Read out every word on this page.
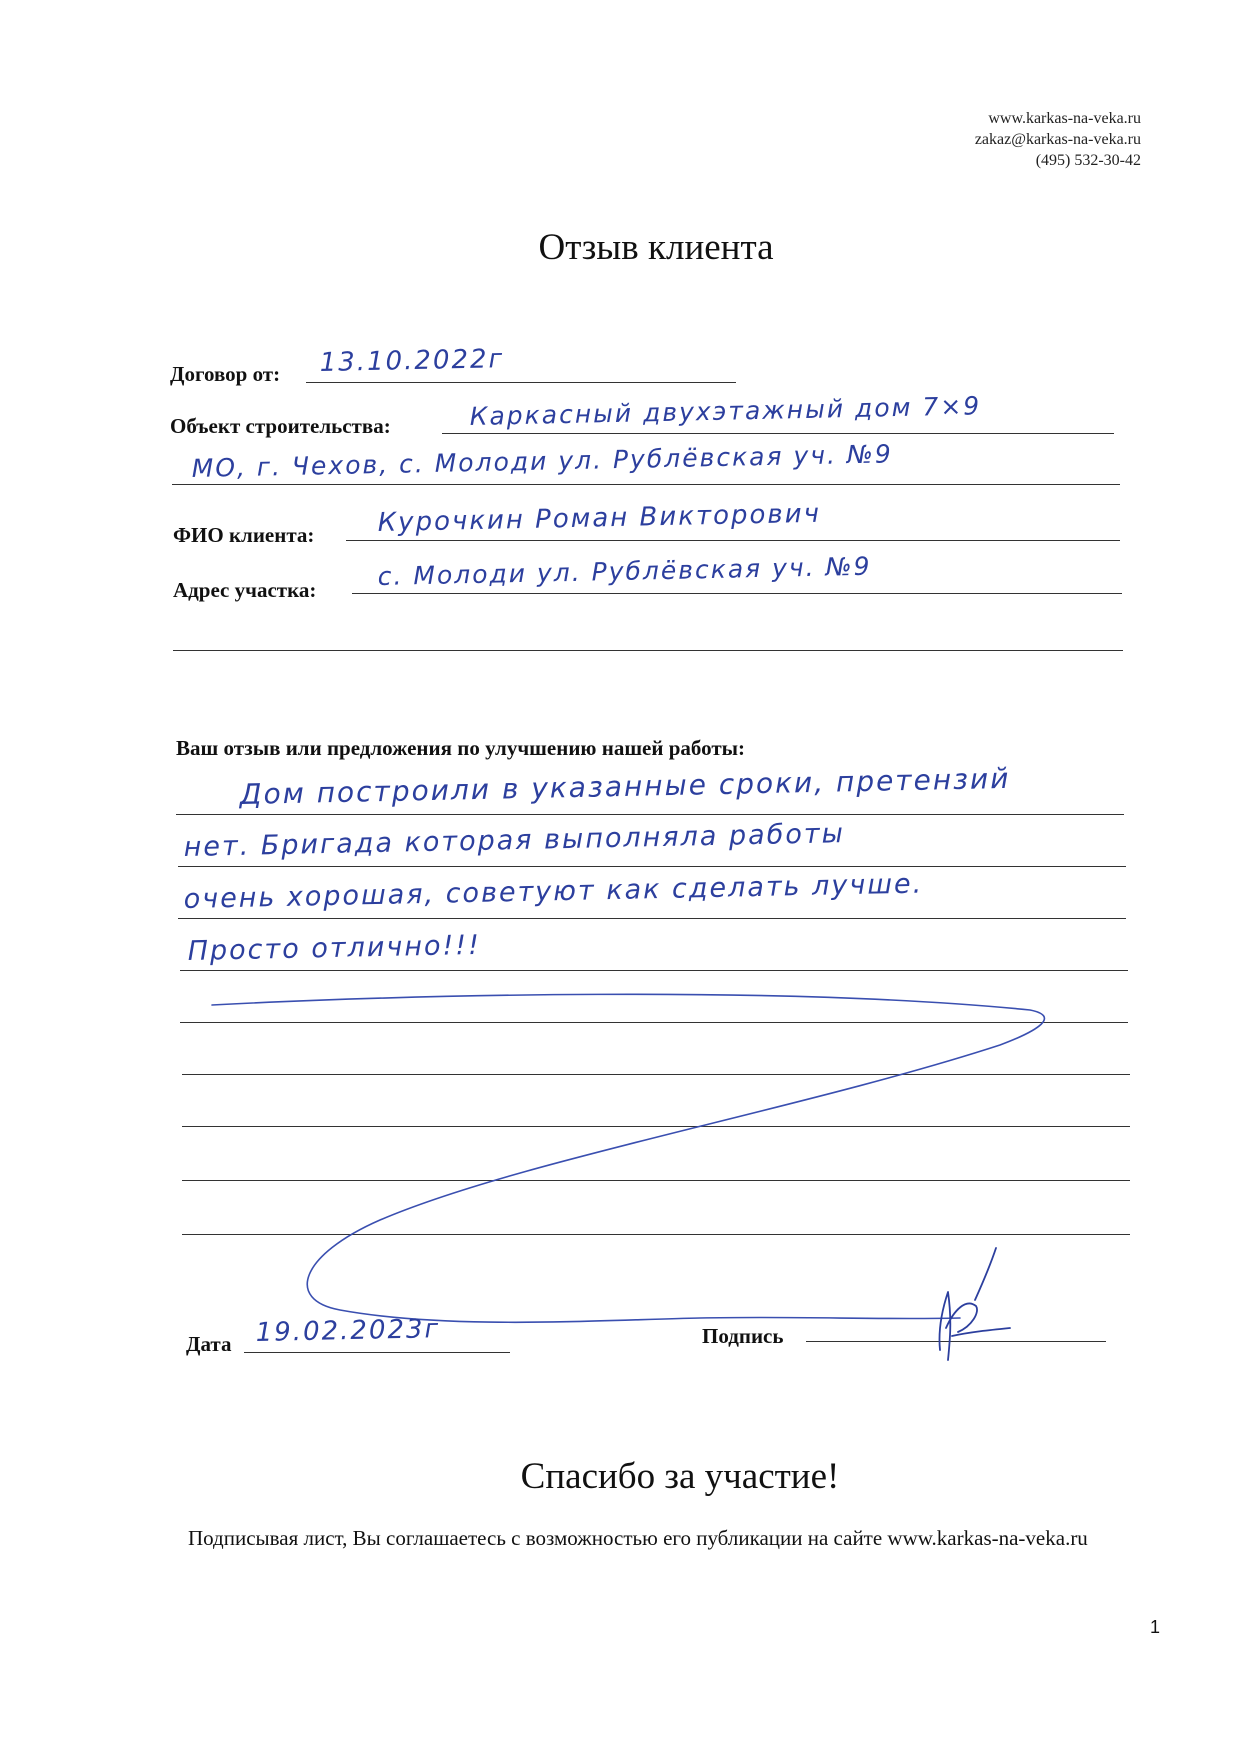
www.karkas-na-veka.ru
zakaz@karkas-na-veka.ru
(495) 532-30-42
Отзыв клиента
Договор от: 13.10.2022г
Объект строительства:	Каркасный двухэтажный дом 7×9
МО, г. Чехов, с. Молоди ул. Рублёвская уч. №9
ФИО клиента: Курочкин Роман Викторович
Адрес участка: с. Молоди ул. Рублёвская уч. №9
Ваш отзыв или предложения по улучшению нашей работы:
Дом построили в указанные сроки, претензий
нет. Бригада которая выполняла работы
очень хорошая, советуют как сделать лучше.
Просто отлично!!!
Дата 19.02.2023г	Подпись
Спасибо за участие!
Подписывая лист, Вы соглашаетесь с возможностью его публикации на сайте www.karkas-na-veka.ru
1
